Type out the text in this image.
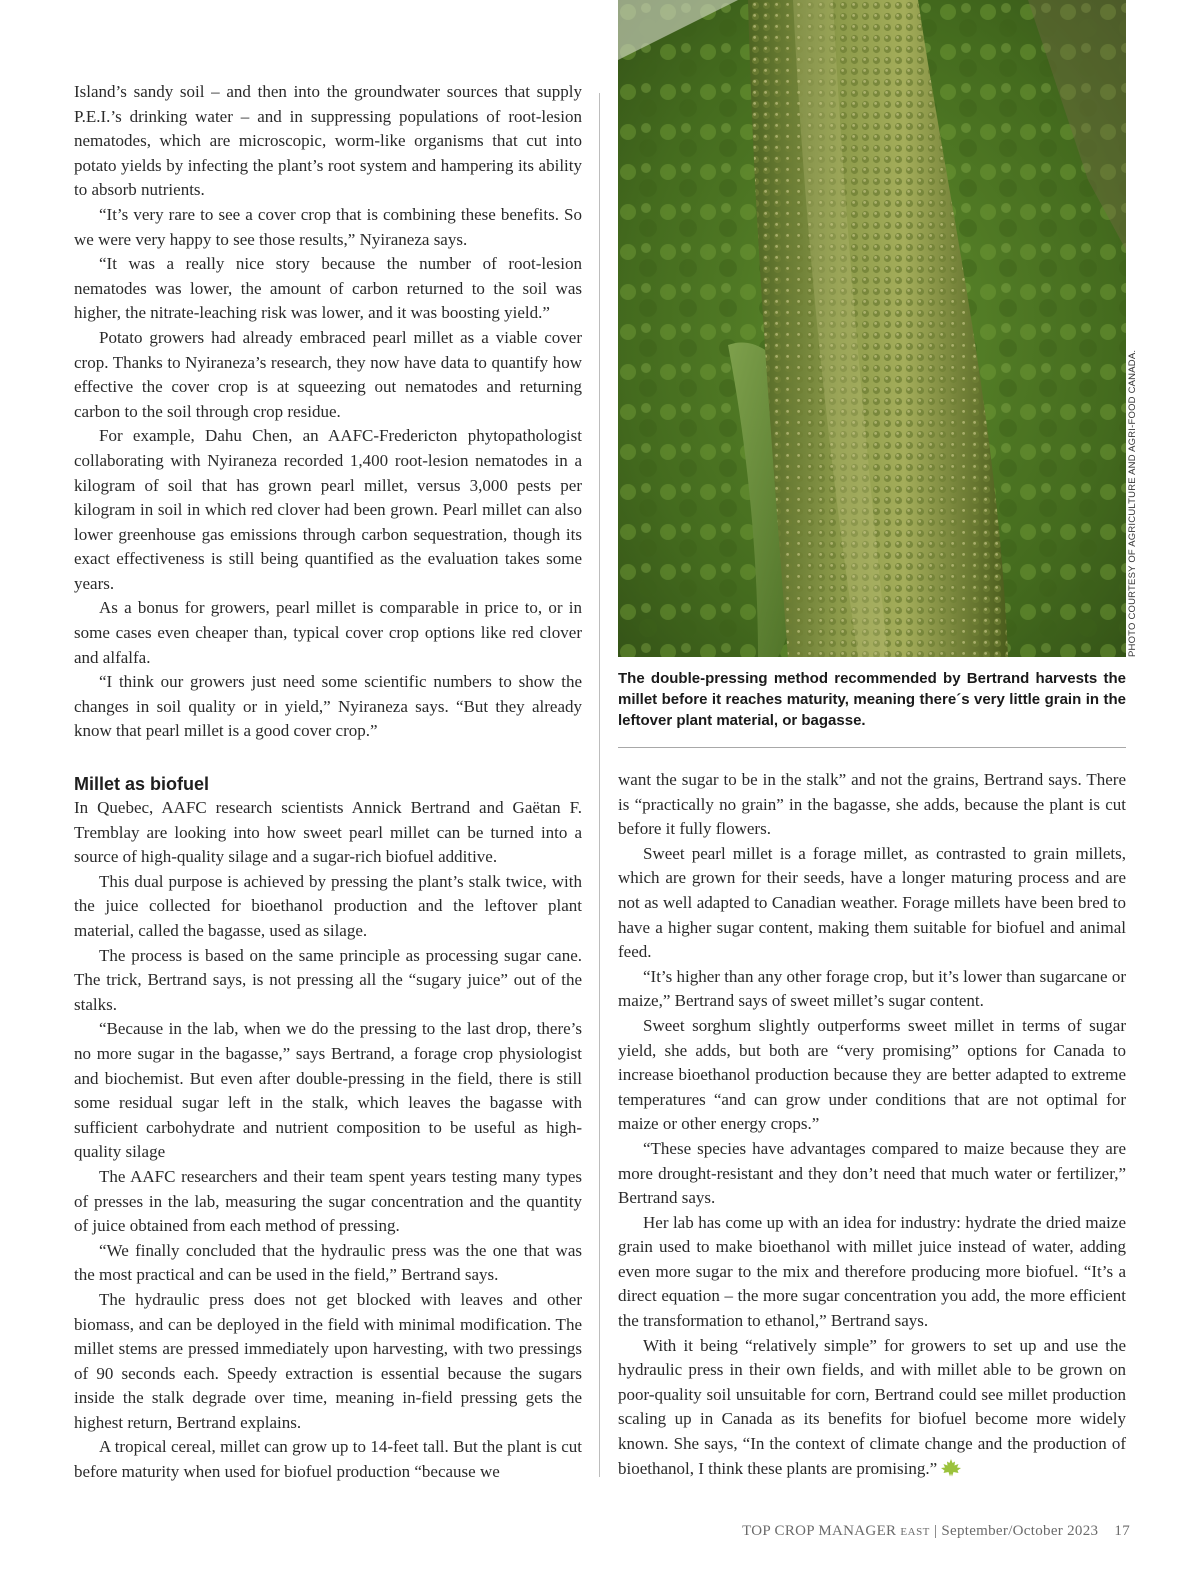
Island’s sandy soil – and then into the groundwater sources that supply P.E.I.’s drinking water – and in suppressing populations of root-lesion nematodes, which are microscopic, worm-like organisms that cut into potato yields by infecting the plant’s root system and hampering its ability to absorb nutrients.

“It’s very rare to see a cover crop that is combining these benefits. So we were very happy to see those results,” Nyiraneza says.

“It was a really nice story because the number of root-lesion nematodes was lower, the amount of carbon returned to the soil was higher, the nitrate-leaching risk was lower, and it was boosting yield.”

Potato growers had already embraced pearl millet as a viable cover crop. Thanks to Nyiraneza’s research, they now have data to quantify how effective the cover crop is at squeezing out nematodes and returning carbon to the soil through crop residue.

For example, Dahu Chen, an AAFC-Fredericton phytopathologist collaborating with Nyiraneza recorded 1,400 root-lesion nematodes in a kilogram of soil that has grown pearl millet, versus 3,000 pests per kilogram in soil in which red clover had been grown. Pearl millet can also lower greenhouse gas emissions through carbon sequestration, though its exact effectiveness is still being quantified as the evaluation takes some years.

As a bonus for growers, pearl millet is comparable in price to, or in some cases even cheaper than, typical cover crop options like red clover and alfalfa.

“I think our growers just need some scientific numbers to show the changes in soil quality or in yield,” Nyiraneza says. “But they already know that pearl millet is a good cover crop.”

Millet as biofuel

In Quebec, AAFC research scientists Annick Bertrand and Gaëtan F. Tremblay are looking into how sweet pearl millet can be turned into a source of high-quality silage and a sugar-rich biofuel additive.

This dual purpose is achieved by pressing the plant’s stalk twice, with the juice collected for bioethanol production and the leftover plant material, called the bagasse, used as silage.

The process is based on the same principle as processing sugar cane. The trick, Bertrand says, is not pressing all the “sugary juice” out of the stalks.

“Because in the lab, when we do the pressing to the last drop, there’s no more sugar in the bagasse,” says Bertrand, a forage crop physiologist and biochemist. But even after double-pressing in the field, there is still some residual sugar left in the stalk, which leaves the bagasse with sufficient carbohydrate and nutrient composition to be useful as high-quality silage

The AAFC researchers and their team spent years testing many types of presses in the lab, measuring the sugar concentration and the quantity of juice obtained from each method of pressing.

“We finally concluded that the hydraulic press was the one that was the most practical and can be used in the field,” Bertrand says.

The hydraulic press does not get blocked with leaves and other biomass, and can be deployed in the field with minimal modification. The millet stems are pressed immediately upon harvesting, with two pressings of 90 seconds each. Speedy extraction is essential because the sugars inside the stalk degrade over time, meaning in-field pressing gets the highest return, Bertrand explains.

A tropical cereal, millet can grow up to 14-feet tall. But the plant is cut before maturity when used for biofuel production “because we

PHOTO COURTESY OF AGRICULTURE AND AGRI-FOOD CANADA.
The double-pressing method recommended by Bertrand harvests the millet before it reaches maturity, meaning there´s very little grain in the leftover plant material, or bagasse.

want the sugar to be in the stalk” and not the grains, Bertrand says. There is “practically no grain” in the bagasse, she adds, because the plant is cut before it fully flowers.

Sweet pearl millet is a forage millet, as contrasted to grain millets, which are grown for their seeds, have a longer maturing process and are not as well adapted to Canadian weather. Forage millets have been bred to have a higher sugar content, making them suitable for biofuel and animal feed.

“It’s higher than any other forage crop, but it’s lower than sugarcane or maize,” Bertrand says of sweet millet’s sugar content.

Sweet sorghum slightly outperforms sweet millet in terms of sugar yield, she adds, but both are “very promising” options for Canada to increase bioethanol production because they are better adapted to extreme temperatures “and can grow under conditions that are not optimal for maize or other energy crops.”

“These species have advantages compared to maize because they are more drought-resistant and they don’t need that much water or fertilizer,” Bertrand says.

Her lab has come up with an idea for industry: hydrate the dried maize grain used to make bioethanol with millet juice instead of water, adding even more sugar to the mix and therefore producing more biofuel. “It’s a direct equation – the more sugar concentration you add, the more efficient the transformation to ethanol,” Bertrand says.

With it being “relatively simple” for growers to set up and use the hydraulic press in their own fields, and with millet able to be grown on poor-quality soil unsuitable for corn, Bertrand could see millet production scaling up in Canada as its benefits for biofuel become more widely known. She says, “In the context of climate change and the production of bioethanol, I think these plants are promising.”

TOP CROP MANAGER EAST | September/October 2023 17
